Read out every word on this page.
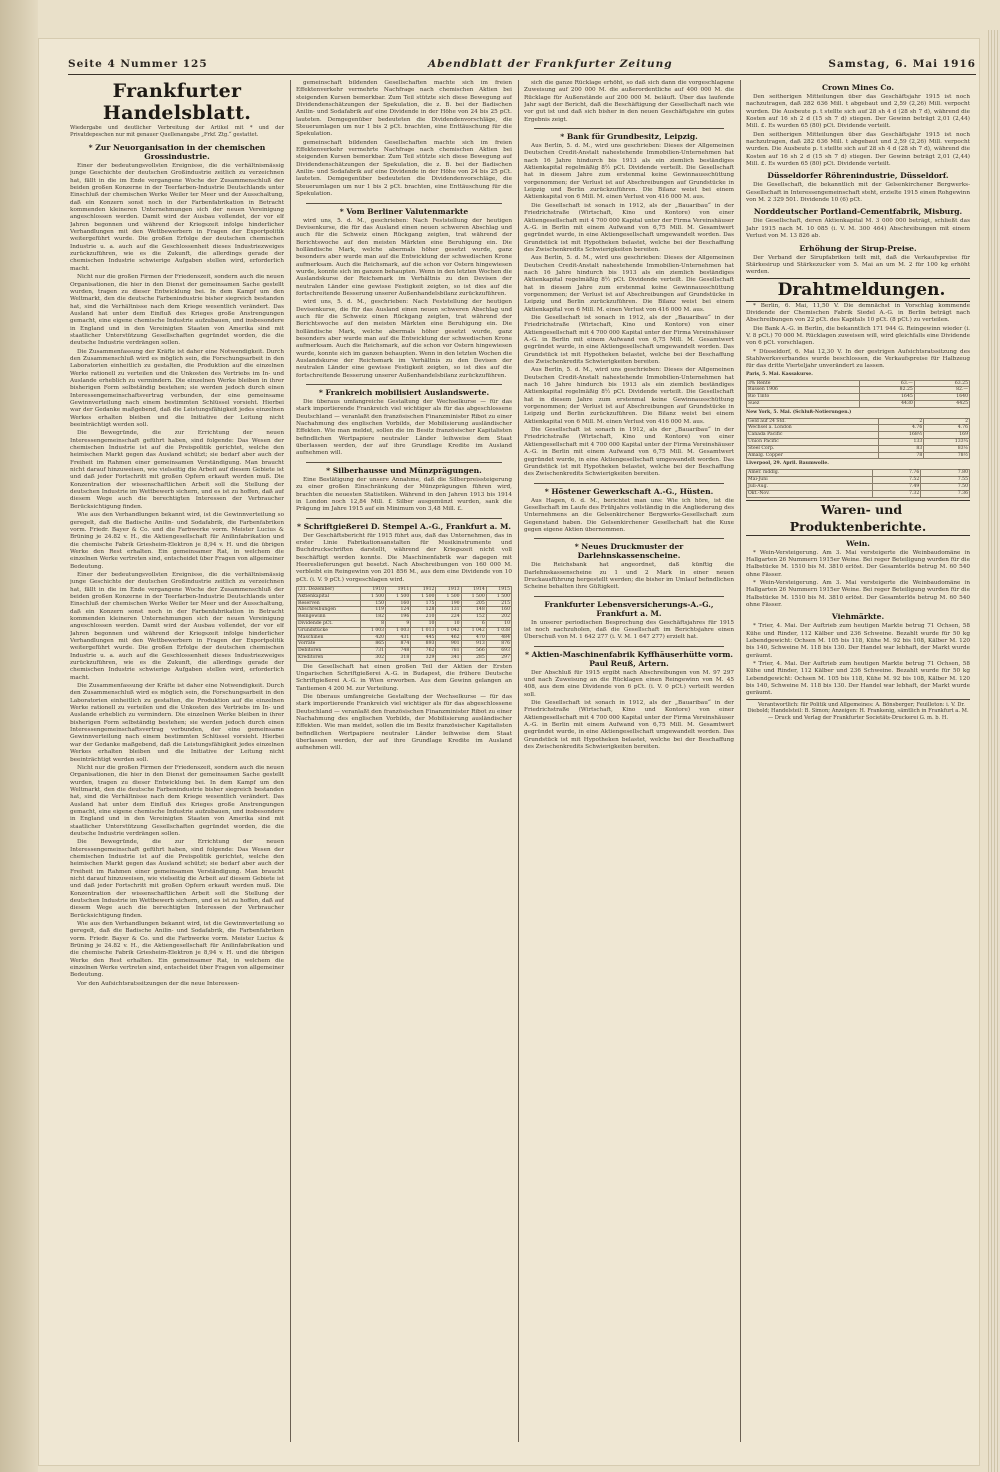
Seite 4 Nummer 125	Abendblatt der Frankfurter Zeitung	Samstag, 6. Mai 1916

Frankfurter Handelsblatt.

Wiedergabe und deutlicher Verbreitung der Artikel mit * und der Privatdepeschen nur mit genauer Quellenangabe „Frkf. Ztg.“ gestattet.

* Zur Neuorganisation in der chemischen Grossindustrie.

Einer der bedeutungsvollsten Ereignisse, die die verhältnismässig junge Geschichte der deutschen Großindustrie zeitlich zu verzeichnen hat, fällt in die im Ende vergangene Woche der Zusammenschluß der beiden großen Konzerne in der Teerfarben-Industrie Deutschlands unter Einschluß der chemischen Werke Weiler ter Meer und der Ausschaltung, daß ein Konzern sonst noch in der Farbenfabrikation in Betracht kommenden kleineren Unternehmungen sich der neuen Vereinigung angeschlossen werden. Damit wird der Ausbau vollendet, der vor elf Jahren begonnen und während der Kriegszeit infolge hinderlicher Verhandlungen mit den Wettbewerbern in Fragen der Exportpolitik weitergeführt wurde. Die großen Erfolge der deutschen chemischen Industrie u. a. auch auf die Geschlossenheit dieses Industriezweiges zurückzuführen, wie es die Zukunft, die allerdings gerade der chemischen Industrie schwierige Aufgaben stellen wird, erforderlich macht.

Nicht nur die großen Firmen der Friedenszeit, sondern auch die neuen Organisationen, die hier in den Dienst der gemeinsamen Sache gestellt wurden, tragen zu dieser Entwicklung bei. In dem Kampf um den Weltmarkt, den die deutsche Farbenindustrie bisher siegreich bestanden hat, sind die Verhältnisse nach dem Kriege wesentlich verändert. Das Ausland hat unter dem Einfluß des Krieges große Anstrengungen gemacht, eine eigene chemische Industrie aufzubauen, und insbesondere in England und in den Vereinigten Staaten von Amerika sind mit staatlicher Unterstützung Gesellschaften gegründet worden, die die deutsche Industrie verdrängen sollen.

Die Zusammenfassung der Kräfte ist daher eine Notwendigkeit. Durch den Zusammenschluß wird es möglich sein, die Forschungsarbeit in den Laboratorien einheitlich zu gestalten, die Produktion auf die einzelnen Werke rationell zu verteilen und die Unkosten des Vertriebs im In- und Auslande erheblich zu vermindern. Die einzelnen Werke bleiben in ihrer bisherigen Form selbständig bestehen; sie werden jedoch durch einen Interessengemeinschaftsvertrag verbunden, der eine gemeinsame Gewinnverteilung nach einem bestimmten Schlüssel vorsieht. Hierbei war der Gedanke maßgebend, daß die Leistungsfähigkeit jedes einzelnen Werkes erhalten bleiben und die Initiative der Leitung nicht beeinträchtigt werden soll.

Die Bewegründe, die zur Errichtung der neuen Interessengemeinschaft geführt haben, sind folgende: Das Wesen der chemischen Industrie ist auf die Preispolitik gerichtet, welche den heimischen Markt gegen das Ausland schützt; sie bedarf aber auch der Freiheit im Rahmen einer gemeinsamen Verständigung. Man braucht nicht darauf hinzuweisen, wie vielseitig die Arbeit auf diesem Gebiete ist und daß jeder Fortschritt mit großen Opfern erkauft werden muß. Die Konzentration der wissenschaftlichen Arbeit soll die Stellung der deutschen Industrie im Wettbewerb sichern, und es ist zu hoffen, daß auf diesem Wege auch die berechtigten Interessen der Verbraucher Berücksichtigung finden.

Wie aus den Verhandlungen bekannt wird, ist die Gewinnverteilung so geregelt, daß die Badische Anilin- und Sodafabrik, die Farbenfabriken vorm. Friedr. Bayer & Co. und die Farbwerke vorm. Meister Lucius & Brüning je 24.82 v. H., die Aktiengesellschaft für Anilinfabrikation und die chemische Fabrik Griesheim-Elektron je 8,94 v. H. und die übrigen Werke den Rest erhalten. Ein gemeinsamer Rat, in welchem die einzelnen Werke vertreten sind, entscheidet über Fragen von allgemeiner Bedeutung.

Einer der bedeutungsvollsten Ereignisse, die die verhältnismässig junge Geschichte der deutschen Großindustrie zeitlich zu verzeichnen hat, fällt in die im Ende vergangene Woche der Zusammenschluß der beiden großen Konzerne in der Teerfarben-Industrie Deutschlands unter Einschluß der chemischen Werke Weiler ter Meer und der Ausschaltung, daß ein Konzern sonst noch in der Farbenfabrikation in Betracht kommenden kleineren Unternehmungen sich der neuen Vereinigung angeschlossen werden. Damit wird der Ausbau vollendet, der vor elf Jahren begonnen und während der Kriegszeit infolge hinderlicher Verhandlungen mit den Wettbewerbern in Fragen der Exportpolitik weitergeführt wurde. Die großen Erfolge der deutschen chemischen Industrie u. a. auch auf die Geschlossenheit dieses Industriezweiges zurückzuführen, wie es die Zukunft, die allerdings gerade der chemischen Industrie schwierige Aufgaben stellen wird, erforderlich macht.

Die Zusammenfassung der Kräfte ist daher eine Notwendigkeit. Durch den Zusammenschluß wird es möglich sein, die Forschungsarbeit in den Laboratorien einheitlich zu gestalten, die Produktion auf die einzelnen Werke rationell zu verteilen und die Unkosten des Vertriebs im In- und Auslande erheblich zu vermindern. Die einzelnen Werke bleiben in ihrer bisherigen Form selbständig bestehen; sie werden jedoch durch einen Interessengemeinschaftsvertrag verbunden, der eine gemeinsame Gewinnverteilung nach einem bestimmten Schlüssel vorsieht. Hierbei war der Gedanke maßgebend, daß die Leistungsfähigkeit jedes einzelnen Werkes erhalten bleiben und die Initiative der Leitung nicht beeinträchtigt werden soll.

Nicht nur die großen Firmen der Friedenszeit, sondern auch die neuen Organisationen, die hier in den Dienst der gemeinsamen Sache gestellt wurden, tragen zu dieser Entwicklung bei. In dem Kampf um den Weltmarkt, den die deutsche Farbenindustrie bisher siegreich bestanden hat, sind die Verhältnisse nach dem Kriege wesentlich verändert. Das Ausland hat unter dem Einfluß des Krieges große Anstrengungen gemacht, eine eigene chemische Industrie aufzubauen, und insbesondere in England und in den Vereinigten Staaten von Amerika sind mit staatlicher Unterstützung Gesellschaften gegründet worden, die die deutsche Industrie verdrängen sollen.

Die Bewegründe, die zur Errichtung der neuen Interessengemeinschaft geführt haben, sind folgende: Das Wesen der chemischen Industrie ist auf die Preispolitik gerichtet, welche den heimischen Markt gegen das Ausland schützt; sie bedarf aber auch der Freiheit im Rahmen einer gemeinsamen Verständigung. Man braucht nicht darauf hinzuweisen, wie vielseitig die Arbeit auf diesem Gebiete ist und daß jeder Fortschritt mit großen Opfern erkauft werden muß. Die Konzentration der wissenschaftlichen Arbeit soll die Stellung der deutschen Industrie im Wettbewerb sichern, und es ist zu hoffen, daß auf diesem Wege auch die berechtigten Interessen der Verbraucher Berücksichtigung finden.

Wie aus den Verhandlungen bekannt wird, ist die Gewinnverteilung so geregelt, daß die Badische Anilin- und Sodafabrik, die Farbenfabriken vorm. Friedr. Bayer & Co. und die Farbwerke vorm. Meister Lucius & Brüning je 24.82 v. H., die Aktiengesellschaft für Anilinfabrikation und die chemische Fabrik Griesheim-Elektron je 8,94 v. H. und die übrigen Werke den Rest erhalten. Ein gemeinsamer Rat, in welchem die einzelnen Werke vertreten sind, entscheidet über Fragen von allgemeiner Bedeutung.

Vor den Aufsichtsratssitzungen der die neue Interessen-

gemeinschaft bildenden Gesellschaften machte sich im freien Effektenverkehr vermehrte Nachfrage nach chemischen Aktien bei steigenden Kursen bemerkbar. Zum Teil stützte sich diese Bewegung auf Dividendenschätzungen der Spekulation, die z. B. bei der Badischen Anilin- und Sodafabrik auf eine Dividende in der Höhe von 24 bis 25 pCt. lauteten. Demgegenüber bedeuteten die Dividendenvorschläge, die Steuerumlagen um nur 1 bis 2 pCt. brachten, eine Enttäuschung für die Spekulation.

gemeinschaft bildenden Gesellschaften machte sich im freien Effektenverkehr vermehrte Nachfrage nach chemischen Aktien bei steigenden Kursen bemerkbar. Zum Teil stützte sich diese Bewegung auf Dividendenschätzungen der Spekulation, die z. B. bei der Badischen Anilin- und Sodafabrik auf eine Dividende in der Höhe von 24 bis 25 pCt. lauteten. Demgegenüber bedeuteten die Dividendenvorschläge, die Steuerumlagen um nur 1 bis 2 pCt. brachten, eine Enttäuschung für die Spekulation.

* Vom Berliner Valutenmarkte

wird uns, 5. d. M., geschrieben: Nach Feststellung der heutigen Devisenkurse, die für das Ausland einen neuen schweren Abschlag und auch für die Schweiz einen Rückgang zeigten, trat während der Berichtswoche auf den meisten Märkten eine Beruhigung ein. Die holländische Mark, welche abermals höher gesetzt wurde, ganz besonders aber wurde man auf die Entwicklung der schwedischen Krone aufmerksam. Auch die Reichsmark, auf die schon vor Ostern hingewiesen wurde, konnte sich im ganzen behaupten. Wenn in den letzten Wochen die Auslandskurse der Reichsmark im Verhältnis zu den Devisen der neutralen Länder eine gewisse Festigkeit zeigten, so ist dies auf die fortschreitende Besserung unserer Außenhandelsbilanz zurückzuführen.

wird uns, 5. d. M., geschrieben: Nach Feststellung der heutigen Devisenkurse, die für das Ausland einen neuen schweren Abschlag und auch für die Schweiz einen Rückgang zeigten, trat während der Berichtswoche auf den meisten Märkten eine Beruhigung ein. Die holländische Mark, welche abermals höher gesetzt wurde, ganz besonders aber wurde man auf die Entwicklung der schwedischen Krone aufmerksam. Auch die Reichsmark, auf die schon vor Ostern hingewiesen wurde, konnte sich im ganzen behaupten. Wenn in den letzten Wochen die Auslandskurse der Reichsmark im Verhältnis zu den Devisen der neutralen Länder eine gewisse Festigkeit zeigten, so ist dies auf die fortschreitende Besserung unserer Außenhandelsbilanz zurückzuführen.

* Frankreich mobilisiert Auslandswerte.

Die überaus umfangreiche Gestaltung der Wechselkurse — für das stark importierende Frankreich viel wichtiger als für das abgeschlossene Deutschland — veranlaßt den französischen Finanzminister Ribot zu einer Nachahmung des englischen Vorbilds, der Mobilisierung ausländischer Effekten. Wie man meldet, sollen die im Besitz französischer Kapitalisten befindlichen Wertpapiere neutraler Länder leihweise dem Staat überlassen werden, der auf ihre Grundlage Kredite im Ausland aufnehmen will.

* Silberhausse und Münzprägungen.

Eine Bestätigung der unsere Annahme, daß die Silberpreissteigerung zu einer großen Einschränkung der Münzprägungen führen wird, brachten die neuesten Statistiken. Während in den Jahren 1913 bis 1914 in London noch 12,84 Mill. £ Silber ausgemünzt wurden, sank die Prägung im Jahre 1915 auf ein Minimum von 3,48 Mill. £.

* Schriftgießerei D. Stempel A.-G., Frankfurt a. M.

Der Geschäftsbericht für 1915 führt aus, daß das Unternehmen, das in erster Linie Fabrikationsanstalten für Musikinstrumente und Buchdruckschriften darstellt, während der Kriegszeit nicht voll beschäftigt werden konnte. Die Maschinenfabrik war dagegen mit Heereslieferungen gut besetzt. Nach Abschreibungen von 160 000 M. verbleibt ein Reingewinn von 201 856 M., aus dem eine Dividende von 10 pCt. (i. V. 9 pCt.) vorgeschlagen wird.

(31. Dezember)	1910	1911	1912	1913	1914	1915
Aktienkapital	1 500	1 500	1 500	1 500	1 500	1 500
Reserven	150	160	175	190	205	215
Abschreibungen	119	124	128	131	148	160
Reingewinn	182	196	210	224	152	202
Dividende pCt.	8	9	10	10	6	10
Grundstücke	1 003	1 003	1 013	1 042	1 042	1 038
Maschinen	420	431	445	462	470	484
Vorräte	865	874	893	901	913	876
Debitoren	731	748	762	781	566	693
Kreditoren	302	318	329	341	285	297

Die Gesellschaft hat einen großen Teil der Aktien der Ersten Ungarischen Schriftgießerei A.-G. in Budapest, die frühere Deutsche Schriftgießerei A.-G. in Wien erworben. Aus dem Gewinn gelangen an Tantiemen 4 200 M. zur Verteilung.

Die überaus umfangreiche Gestaltung der Wechselkurse — für das stark importierende Frankreich viel wichtiger als für das abgeschlossene Deutschland — veranlaßt den französischen Finanzminister Ribot zu einer Nachahmung des englischen Vorbilds, der Mobilisierung ausländischer Effekten. Wie man meldet, sollen die im Besitz französischer Kapitalisten befindlichen Wertpapiere neutraler Länder leihweise dem Staat überlassen werden, der auf ihre Grundlage Kredite im Ausland aufnehmen will.

sich die ganze Rücklage erhöht, so daß sich dann die vorgeschlagene Zuweisung auf 200 000 M. die außerordentliche auf 400 000 M. die Rücklage für Außenstände auf 200 000 M. beläuft. Über das laufende Jahr sagt der Bericht, daß die Beschäftigung der Gesellschaft nach wie vor gut ist und daß sich bisher in den neuen Geschäftsjahre ein gutes Ergebnis zeigt.

* Bank für Grundbesitz, Leipzig.

Aus Berlin, 5. d. M., wird uns geschrieben: Dieses der Allgemeinen Deutschen Credit-Anstalt nahestehende Immobilien-Unternehmen hat nach 16 Jahre hindurch bis 1913 als ein ziemlich beständiges Aktienkapital regelmäßig 8½ pCt. Dividende verteilt. Die Gesellschaft hat in diesem Jahre zum erstenmal keine Gewinnausschüttung vorgenommen; der Verlust ist auf Abschreibungen auf Grundstücke in Leipzig und Berlin zurückzuführen. Die Bilanz weist bei einem Aktienkapital von 6 Mill. M. einen Verlust von 416 000 M. aus.

Die Gesellschaft ist sonach in 1912, als der „Bauaribau“ in der Friedrichstraße (Wirtschaft, Kino und Kontore) von einer Aktiengesellschaft mit 4 700 000 Kapital unter der Firma Vereinshäuser A.-G. in Berlin mit einem Aufwand von 6,75 Mill. M. Gesamtwert gegründet wurde, in eine Aktiengesellschaft umgewandelt worden. Das Grundstück ist mit Hypotheken belastet, welche bei der Beschaffung des Zwischenkredits Schwierigkeiten bereiten.

Aus Berlin, 5. d. M., wird uns geschrieben: Dieses der Allgemeinen Deutschen Credit-Anstalt nahestehende Immobilien-Unternehmen hat nach 16 Jahre hindurch bis 1913 als ein ziemlich beständiges Aktienkapital regelmäßig 8½ pCt. Dividende verteilt. Die Gesellschaft hat in diesem Jahre zum erstenmal keine Gewinnausschüttung vorgenommen; der Verlust ist auf Abschreibungen auf Grundstücke in Leipzig und Berlin zurückzuführen. Die Bilanz weist bei einem Aktienkapital von 6 Mill. M. einen Verlust von 416 000 M. aus.

Die Gesellschaft ist sonach in 1912, als der „Bauaribau“ in der Friedrichstraße (Wirtschaft, Kino und Kontore) von einer Aktiengesellschaft mit 4 700 000 Kapital unter der Firma Vereinshäuser A.-G. in Berlin mit einem Aufwand von 6,75 Mill. M. Gesamtwert gegründet wurde, in eine Aktiengesellschaft umgewandelt worden. Das Grundstück ist mit Hypotheken belastet, welche bei der Beschaffung des Zwischenkredits Schwierigkeiten bereiten.

Aus Berlin, 5. d. M., wird uns geschrieben: Dieses der Allgemeinen Deutschen Credit-Anstalt nahestehende Immobilien-Unternehmen hat nach 16 Jahre hindurch bis 1913 als ein ziemlich beständiges Aktienkapital regelmäßig 8½ pCt. Dividende verteilt. Die Gesellschaft hat in diesem Jahre zum erstenmal keine Gewinnausschüttung vorgenommen; der Verlust ist auf Abschreibungen auf Grundstücke in Leipzig und Berlin zurückzuführen. Die Bilanz weist bei einem Aktienkapital von 6 Mill. M. einen Verlust von 416 000 M. aus.

Die Gesellschaft ist sonach in 1912, als der „Bauaribau“ in der Friedrichstraße (Wirtschaft, Kino und Kontore) von einer Aktiengesellschaft mit 4 700 000 Kapital unter der Firma Vereinshäuser A.-G. in Berlin mit einem Aufwand von 6,75 Mill. M. Gesamtwert gegründet wurde, in eine Aktiengesellschaft umgewandelt worden. Das Grundstück ist mit Hypotheken belastet, welche bei der Beschaffung des Zwischenkredits Schwierigkeiten bereiten.

* Höstener Gewerkschaft A.-G., Hüsten.

Aus Hagen, 6. d. M., berichtet man uns: Wie ich höre, ist die Gesellschaft im Laufe des Frühjahrs vollständig in die Angliederung des Unternehmens an die Gelsenkirchener Bergwerks-Gesellschaft zum Gegenstand haben. Die Gelsenkirchener Gesellschaft hat die Kuxe gegen eigene Aktien übernommen.

* Neues Druckmuster der Darlehnskassenscheine.

Die Reichsbank hat angeordnet, daß künftig die Darlehnskassenscheine zu 1 und 2 Mark in einer neuen Druckausführung hergestellt werden; die bisher im Umlauf befindlichen Scheine behalten ihre Gültigkeit.

Frankfurter Lebensversicherungs-A.-G., Frankfurt a. M.

In unserer periodischen Besprechung des Geschäftsjahres für 1915 ist noch nachzuholen, daß die Gesellschaft im Berichtsjahre einen Überschuß von M. 1 642 277 (i. V. M. 1 647 277) erzielt hat.

* Aktien-Maschinenfabrik Kyffhäuserhütte vorm. Paul Reuß, Artern.

Der Abschluß für 1915 ergibt nach Abschreibungen von M. 97 297 und nach Zuweisung an die Rücklagen einen Reingewinn von M. 45 408, aus dem eine Dividende von 6 pCt. (i. V. 0 pCt.) verteilt werden soll.

Die Gesellschaft ist sonach in 1912, als der „Bauaribau“ in der Friedrichstraße (Wirtschaft, Kino und Kontore) von einer Aktiengesellschaft mit 4 700 000 Kapital unter der Firma Vereinshäuser A.-G. in Berlin mit einem Aufwand von 6,75 Mill. M. Gesamtwert gegründet wurde, in eine Aktiengesellschaft umgewandelt worden. Das Grundstück ist mit Hypotheken belastet, welche bei der Beschaffung des Zwischenkredits Schwierigkeiten bereiten.

Crown Mines Co.

Den seitherigen Mitteilungen über das Geschäftsjahr 1915 ist noch nachzutragen, daß 282 636 Mill. t abgebaut und 2,59 (2,26) Mill. verpocht wurden. Die Ausbeute p. t stellte sich auf 28 sh 4 d (28 sh 7 d), während die Kosten auf 16 sh 2 d (15 sh 7 d) stiegen. Der Gewinn beträgt 2,01 (2,44) Mill. £. Es wurden 65 (80) pCt. Dividende verteilt.

Den seitherigen Mitteilungen über das Geschäftsjahr 1915 ist noch nachzutragen, daß 282 636 Mill. t abgebaut und 2,59 (2,26) Mill. verpocht wurden. Die Ausbeute p. t stellte sich auf 28 sh 4 d (28 sh 7 d), während die Kosten auf 16 sh 2 d (15 sh 7 d) stiegen. Der Gewinn beträgt 2,01 (2,44) Mill. £. Es wurden 65 (80) pCt. Dividende verteilt.

Düsseldorfer Röhrenindustrie, Düsseldorf.

Die Gesellschaft, die bekanntlich mit der Gelsenkirchener Bergwerks-Gesellschaft in Interessengemeinschaft steht, erzielte 1915 einen Rohgewinn von M. 2 329 501. Dividende 10 (6) pCt.

Norddeutscher Portland-Cementfabrik, Misburg.

Die Gesellschaft, deren Aktienkapital M. 3 000 000 beträgt, schließt das Jahr 1915 nach M. 10 085 (i. V. M. 300 464) Abschreibungen mit einem Verlust von M. 13 826 ab.

Erhöhung der Sirup-Preise.

Der Verband der Sirupfabriken teilt mit, daß die Verkaufspreise für Stärkesirup und Stärkezucker vom 5. Mai an um M. 2 für 100 kg erhöht werden.

Drahtmeldungen.

* Berlin, 6. Mai, 11,50 V. Die demnächst in Vorschlag kommende Dividende der Chemischen Fabrik Siedel A.-G. in Berlin beträgt nach Abschreibungen von 22 pCt. des Kapitals 10 pCt. (8 pCt.) zu verteilen.

Die Bank A.-G. in Berlin, die bekanntlich 171 944 G. Reingewinn wieder (i. V. 8 pCt.) 70 000 M. Rücklagen zuweisen will, wird gleichfalls eine Dividende von 6 pCt. vorschlagen.

* Düsseldorf, 6. Mai 12,30 V. In der gestrigen Aufsichtsratssitzung des Stahlwerksverbandes wurde beschlossen, die Verkaufspreise für Halbzeug für das dritte Vierteljahr unverändert zu lassen.

Paris, 5. Mai. Kassakurse.

3% Rente	63.—	63.25
Russen 1906	82.25	82.—
Rio Tinto	1645	1640
Suez	4430	4425

New York, 5. Mai. (Schluß-Notierungen.)

Geld auf 24 Std.	2	2
Wechsel a. London	4.76	4.76
Canada Pacific	168½	169
Union Pacific	133	133¼
Steel Corp.	83	83⅛
Amalg. Copper	78	78½

Liverpool, 29. April. Baumwolle.

Amer. mddlg.	7.76	7.80
Mai-Juni	7.52	7.55
Juli-Aug.	7.49	7.50
Okt.-Nov.	7.32	7.36

Waren- und Produktenberichte.

Wein.

* Wein-Versteigerung. Am 3. Mai versteigerte die Weinbaudomäne in Hallgarten 26 Nummern 1915er Weine. Bei reger Beteiligung wurden für die Halbstücke M. 1510 bis M. 3810 erlöst. Der Gesamterlös betrug M. 60 540 ohne Fässer.

* Wein-Versteigerung. Am 3. Mai versteigerte die Weinbaudomäne in Hallgarten 26 Nummern 1915er Weine. Bei reger Beteiligung wurden für die Halbstücke M. 1510 bis M. 3810 erlöst. Der Gesamterlös betrug M. 60 540 ohne Fässer.

Viehmärkte.

* Trier, 4. Mai. Der Auftrieb zum heutigen Markte betrug 71 Ochsen, 58 Kühe und Rinder, 112 Kälber und 236 Schweine. Bezahlt wurde für 50 kg Lebendgewicht: Ochsen M. 105 bis 118, Kühe M. 92 bis 108, Kälber M. 120 bis 140, Schweine M. 118 bis 130. Der Handel war lebhaft, der Markt wurde geräumt.

* Trier, 4. Mai. Der Auftrieb zum heutigen Markte betrug 71 Ochsen, 58 Kühe und Rinder, 112 Kälber und 236 Schweine. Bezahlt wurde für 50 kg Lebendgewicht: Ochsen M. 105 bis 118, Kühe M. 92 bis 108, Kälber M. 120 bis 140, Schweine M. 118 bis 130. Der Handel war lebhaft, der Markt wurde geräumt.

Verantwortlich: für Politik und Allgemeines: A. Bönsberger; Feuilleton: i. V. Dr. Diebold; Handelsteil: B. Simon; Anzeigen: H. Frankenig, sämtlich in Frankfurt a. M. — Druck und Verlag der Frankfurter Societäts-Druckerei G. m. b. H.
